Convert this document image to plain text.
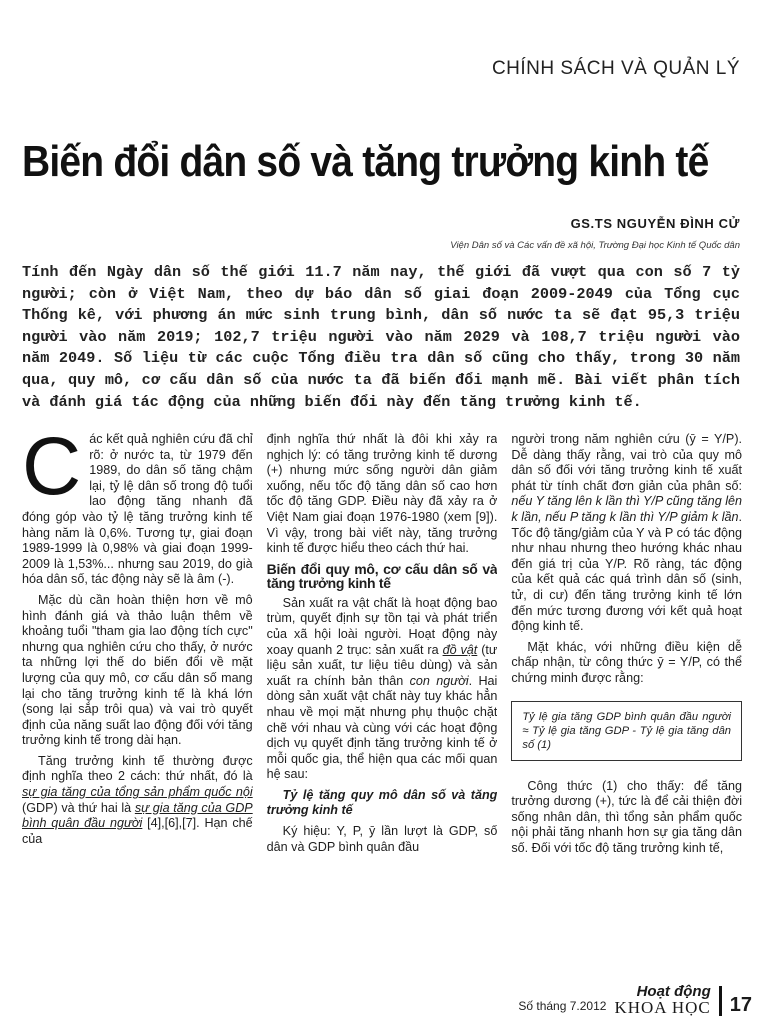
CHÍNH SÁCH VÀ QUẢN LÝ
Biến đổi dân số và tăng trưởng kinh tế
GS.TS NGUYỄN ĐÌNH CỬ
Viện Dân số và Các vấn đề xã hội, Trường Đại học Kinh tế Quốc dân

Tính đến Ngày dân số thế giới 11.7 năm nay, thế giới đã vượt qua con số 7 tỷ người; còn ở Việt Nam, theo dự báo dân số giai đoạn 2009-2049 của Tổng cục Thống kê, với phương án mức sinh trung bình, dân số nước ta sẽ đạt 95,3 triệu người vào năm 2019; 102,7 triệu người vào năm 2029 và 108,7 triệu người vào năm 2049. Số liệu từ các cuộc Tổng điều tra dân số cũng cho thấy, trong 30 năm qua, quy mô, cơ cấu dân số của nước ta đã biến đổi mạnh mẽ. Bài viết phân tích và đánh giá tác động của những biến đổi này đến tăng trưởng kinh tế.

C ác kết quả nghiên cứu đã chỉ rõ: ở nước ta, từ 1979 đến 1989, do dân số tăng chậm lại, tỷ lệ dân số trong độ tuổi lao động tăng nhanh đã đóng góp vào tỷ lệ tăng trưởng kinh tế hàng năm là 0,6%. Tương tự, giai đoạn 1989-1999 là 0,98% và giai đoạn 1999-2009 là 1,53%... nhưng sau 2019, do già hóa dân số, tác động này sẽ là âm (-).

Mặc dù cần hoàn thiện hơn về mô hình đánh giá và thảo luận thêm về khoảng tuổi "tham gia lao động tích cực" nhưng qua nghiên cứu cho thấy, ở nước ta những lợi thế do biến đổi về mặt lượng của quy mô, cơ cấu dân số mang lại cho tăng trưởng kinh tế là khá lớn (song lại sắp trôi qua) và vai trò quyết định của năng suất lao động đối với tăng trưởng kinh tế trong dài hạn.

Tăng trưởng kinh tế thường được định nghĩa theo 2 cách: thứ nhất, đó là sự gia tăng của tổng sản phẩm quốc nội (GDP) và thứ hai là sự gia tăng của GDP bình quân đầu người [4],[6],[7]. Hạn chế của

định nghĩa thứ nhất là đôi khi xảy ra nghịch lý: có tăng trưởng kinh tế dương (+) nhưng mức sống người dân giảm xuống, nếu tốc độ tăng dân số cao hơn tốc độ tăng GDP. Điều này đã xảy ra ở Việt Nam giai đoạn 1976-1980 (xem [9]). Vì vậy, trong bài viết này, tăng trưởng kinh tế được hiểu theo cách thứ hai.

Biến đổi quy mô, cơ cấu dân số và tăng trưởng kinh tế

Sản xuất ra vật chất là hoạt động bao trùm, quyết định sự tồn tại và phát triển của xã hội loài người. Hoạt động này xoay quanh 2 trục: sản xuất ra đồ vật (tư liệu sản xuất, tư liệu tiêu dùng) và sản xuất ra chính bản thân con người. Hai dòng sản xuất vật chất này tuy khác hẳn nhau về mọi mặt nhưng phụ thuộc chặt chẽ với nhau và cùng với các hoạt động dịch vụ quyết định tăng trưởng kinh tế ở mỗi quốc gia, thể hiện qua các mối quan hệ sau:

Tỷ lệ tăng quy mô dân số và tăng trưởng kinh tế

Ký hiệu: Y, P, ȳ lần lượt là GDP, số dân và GDP bình quân đầu

người trong năm nghiên cứu (ȳ = Y/P). Dễ dàng thấy rằng, vai trò của quy mô dân số đối với tăng trưởng kinh tế xuất phát từ tính chất đơn giản của phân số: nếu Y tăng lên k lần thì Y/P cũng tăng lên k lần, nếu P tăng k lần thì Y/P giảm k lần. Tốc độ tăng/giảm của Y và P có tác động như nhau nhưng theo hướng khác nhau đến giá trị của Y/P. Rõ ràng, tác động của kết quả các quá trình dân số (sinh, tử, di cư) đến tăng trưởng kinh tế lớn đến mức tương đương với kết quả hoạt động kinh tế.

Mặt khác, với những điều kiện dễ chấp nhận, từ công thức ȳ = Y/P, có thể chứng minh được rằng:

Tỷ lệ gia tăng GDP bình quân đầu người ≈ Tỷ lệ gia tăng GDP - Tỷ lệ gia tăng dân số (1)

Công thức (1) cho thấy: để tăng trưởng dương (+), tức là để cải thiện đời sống nhân dân, thì tổng sản phẩm quốc nội phải tăng nhanh hơn sự gia tăng dân số. Đối với tốc độ tăng trưởng kinh tế,

Số tháng 7.2012
Hoạt động
KHOA HỌC 17
